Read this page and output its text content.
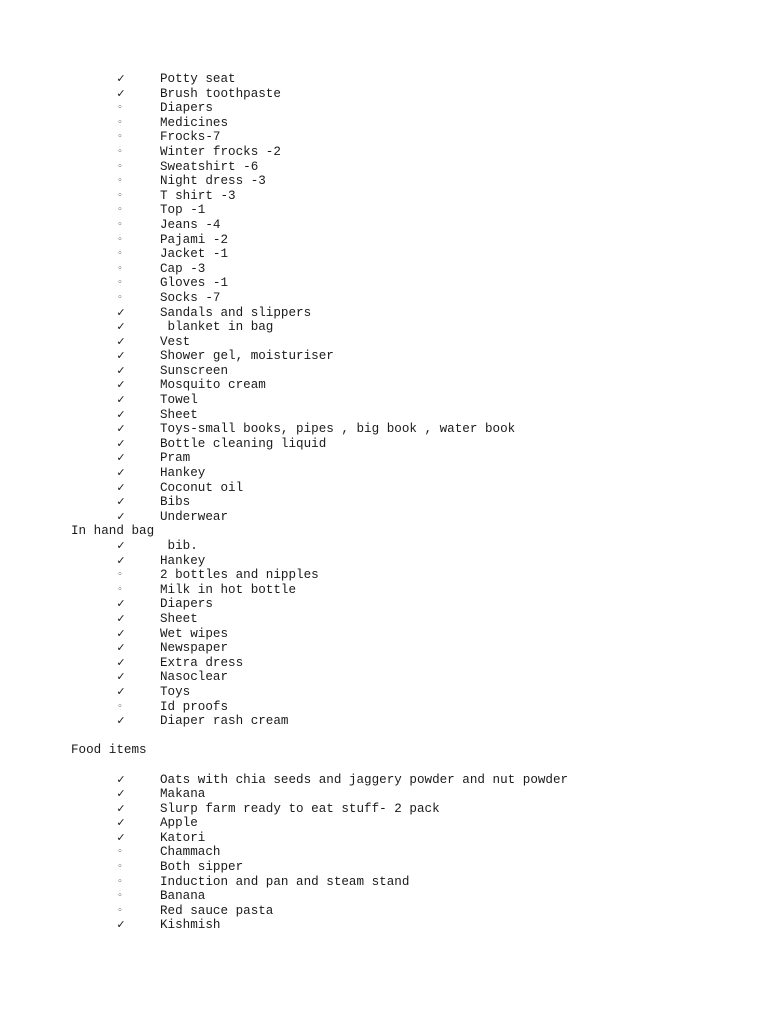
✓	Potty seat
✓	Brush toothpaste
◦	Diapers
◦	Medicines
◦	Frocks-7
◦	Winter frocks -2
◦	Sweatshirt -6
◦	Night dress -3
◦	T shirt -3
◦	Top -1
◦	Jeans -4
◦	Pajami -2
◦	Jacket -1
◦	Cap -3
◦	Gloves -1
◦	Socks -7
✓	Sandals and slippers
✓	blanket in bag
✓	Vest
✓	Shower gel, moisturiser
✓	Sunscreen
✓	Mosquito cream
✓	Towel
✓	Sheet
✓	Toys-small books, pipes , big book , water book
✓	Bottle cleaning liquid
✓	Pram
✓	Hankey
✓	Coconut oil
✓	Bibs
✓	Underwear
In hand bag
✓	bib.
✓	Hankey
◦	2 bottles and nipples
◦	Milk in hot bottle
✓	Diapers
✓	Sheet
✓	Wet wipes
✓	Newspaper
✓	Extra dress
✓	Nasoclear
✓	Toys
◦	Id proofs
✓	Diaper rash cream
Food items
✓	Oats with chia seeds and jaggery powder and nut powder
✓	Makana
✓	Slurp farm ready to eat stuff- 2 pack
✓	Apple
✓	Katori
◦	Chammach
◦	Both sipper
◦	Induction and pan and steam stand
◦	Banana
◦	Red sauce pasta
✓	Kishmish
